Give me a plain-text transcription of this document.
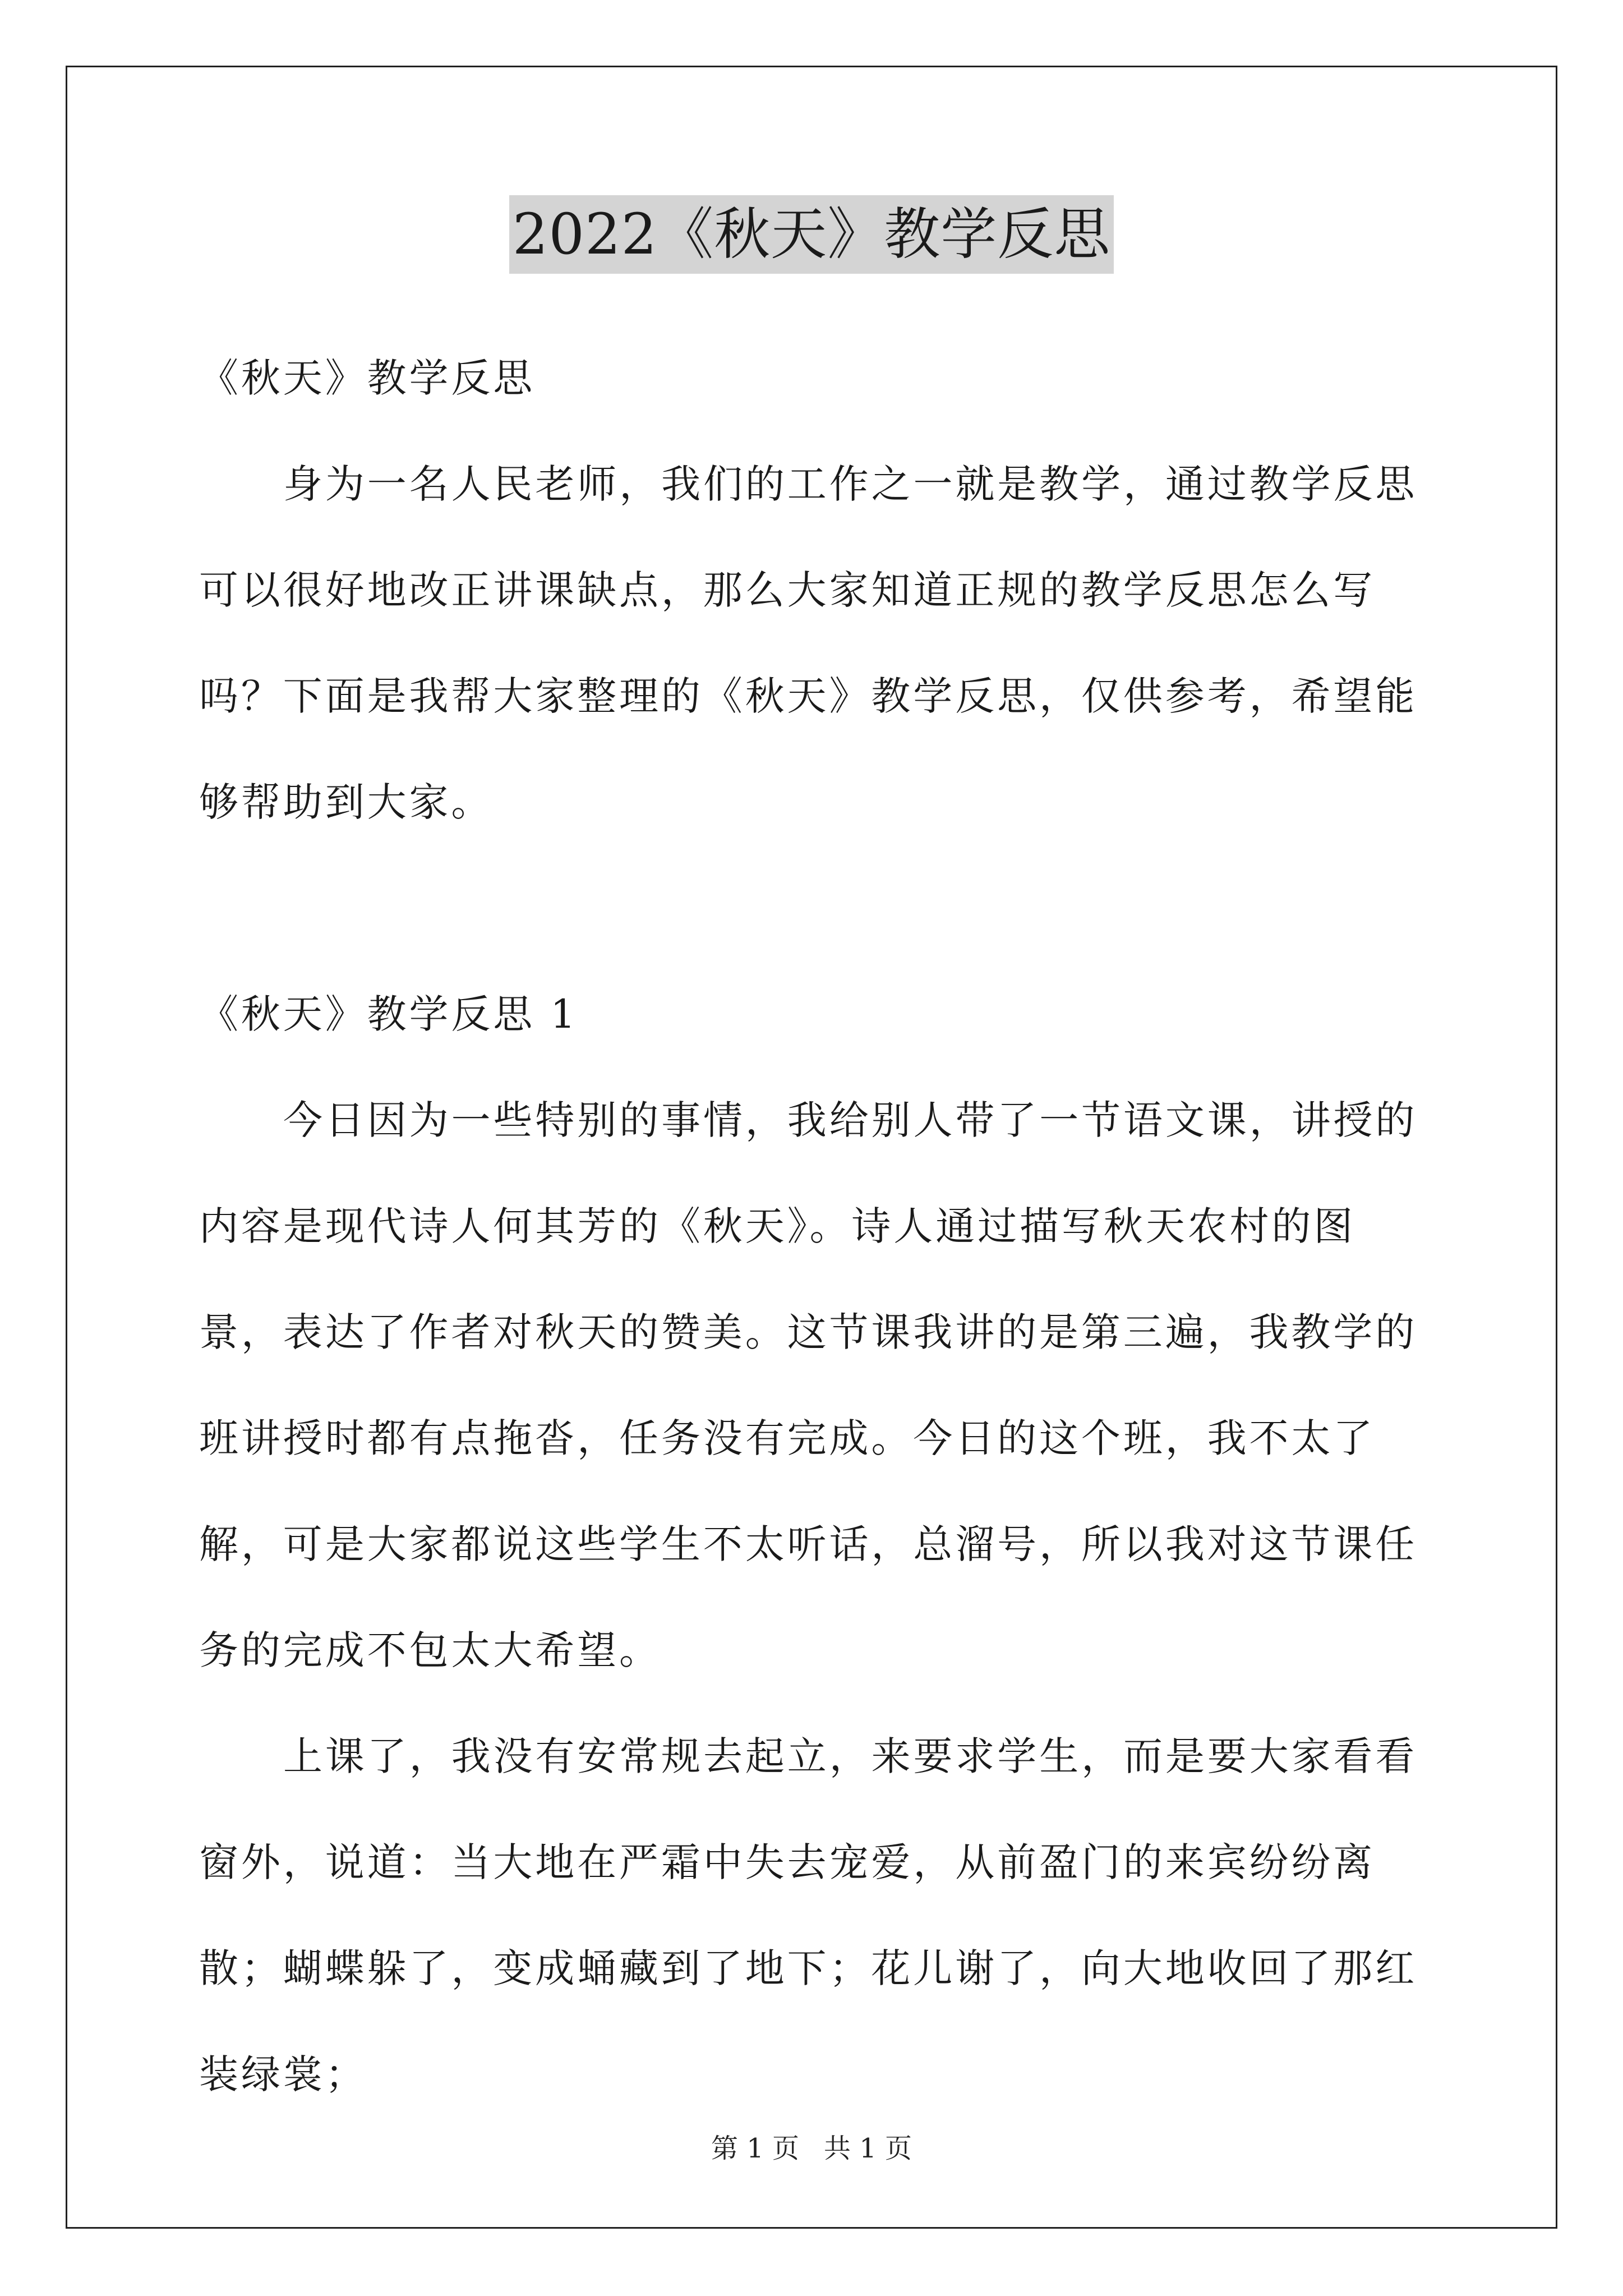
2022《秋天》教学反思

《秋天》教学反思

身为一名人民老师，我们的工作之一就是教学，通过教学反思可以很好地改正讲课缺点，那么大家知道正规的教学反思怎么写吗？下面是我帮大家整理的《秋天》教学反思，仅供参考，希望能够帮助到大家。

《秋天》教学反思 1

今日因为一些特别的事情，我给别人带了一节语文课，讲授的内容是现代诗人何其芳的《秋天》。诗人通过描写秋天农村的图景，表达了作者对秋天的赞美。这节课我讲的是第三遍，我教学的班讲授时都有点拖沓，任务没有完成。今日的这个班，我不太了解，可是大家都说这些学生不太听话，总溜号，所以我对这节课任务的完成不包太大希望。

上课了，我没有安常规去起立，来要求学生，而是要大家看看窗外，说道：当大地在严霜中失去宠爱，从前盈门的来宾纷纷离散；蝴蝶躲了，变成蛹藏到了地下；花儿谢了，向大地收回了那红装绿裳；

第 1 页 共 1 页
